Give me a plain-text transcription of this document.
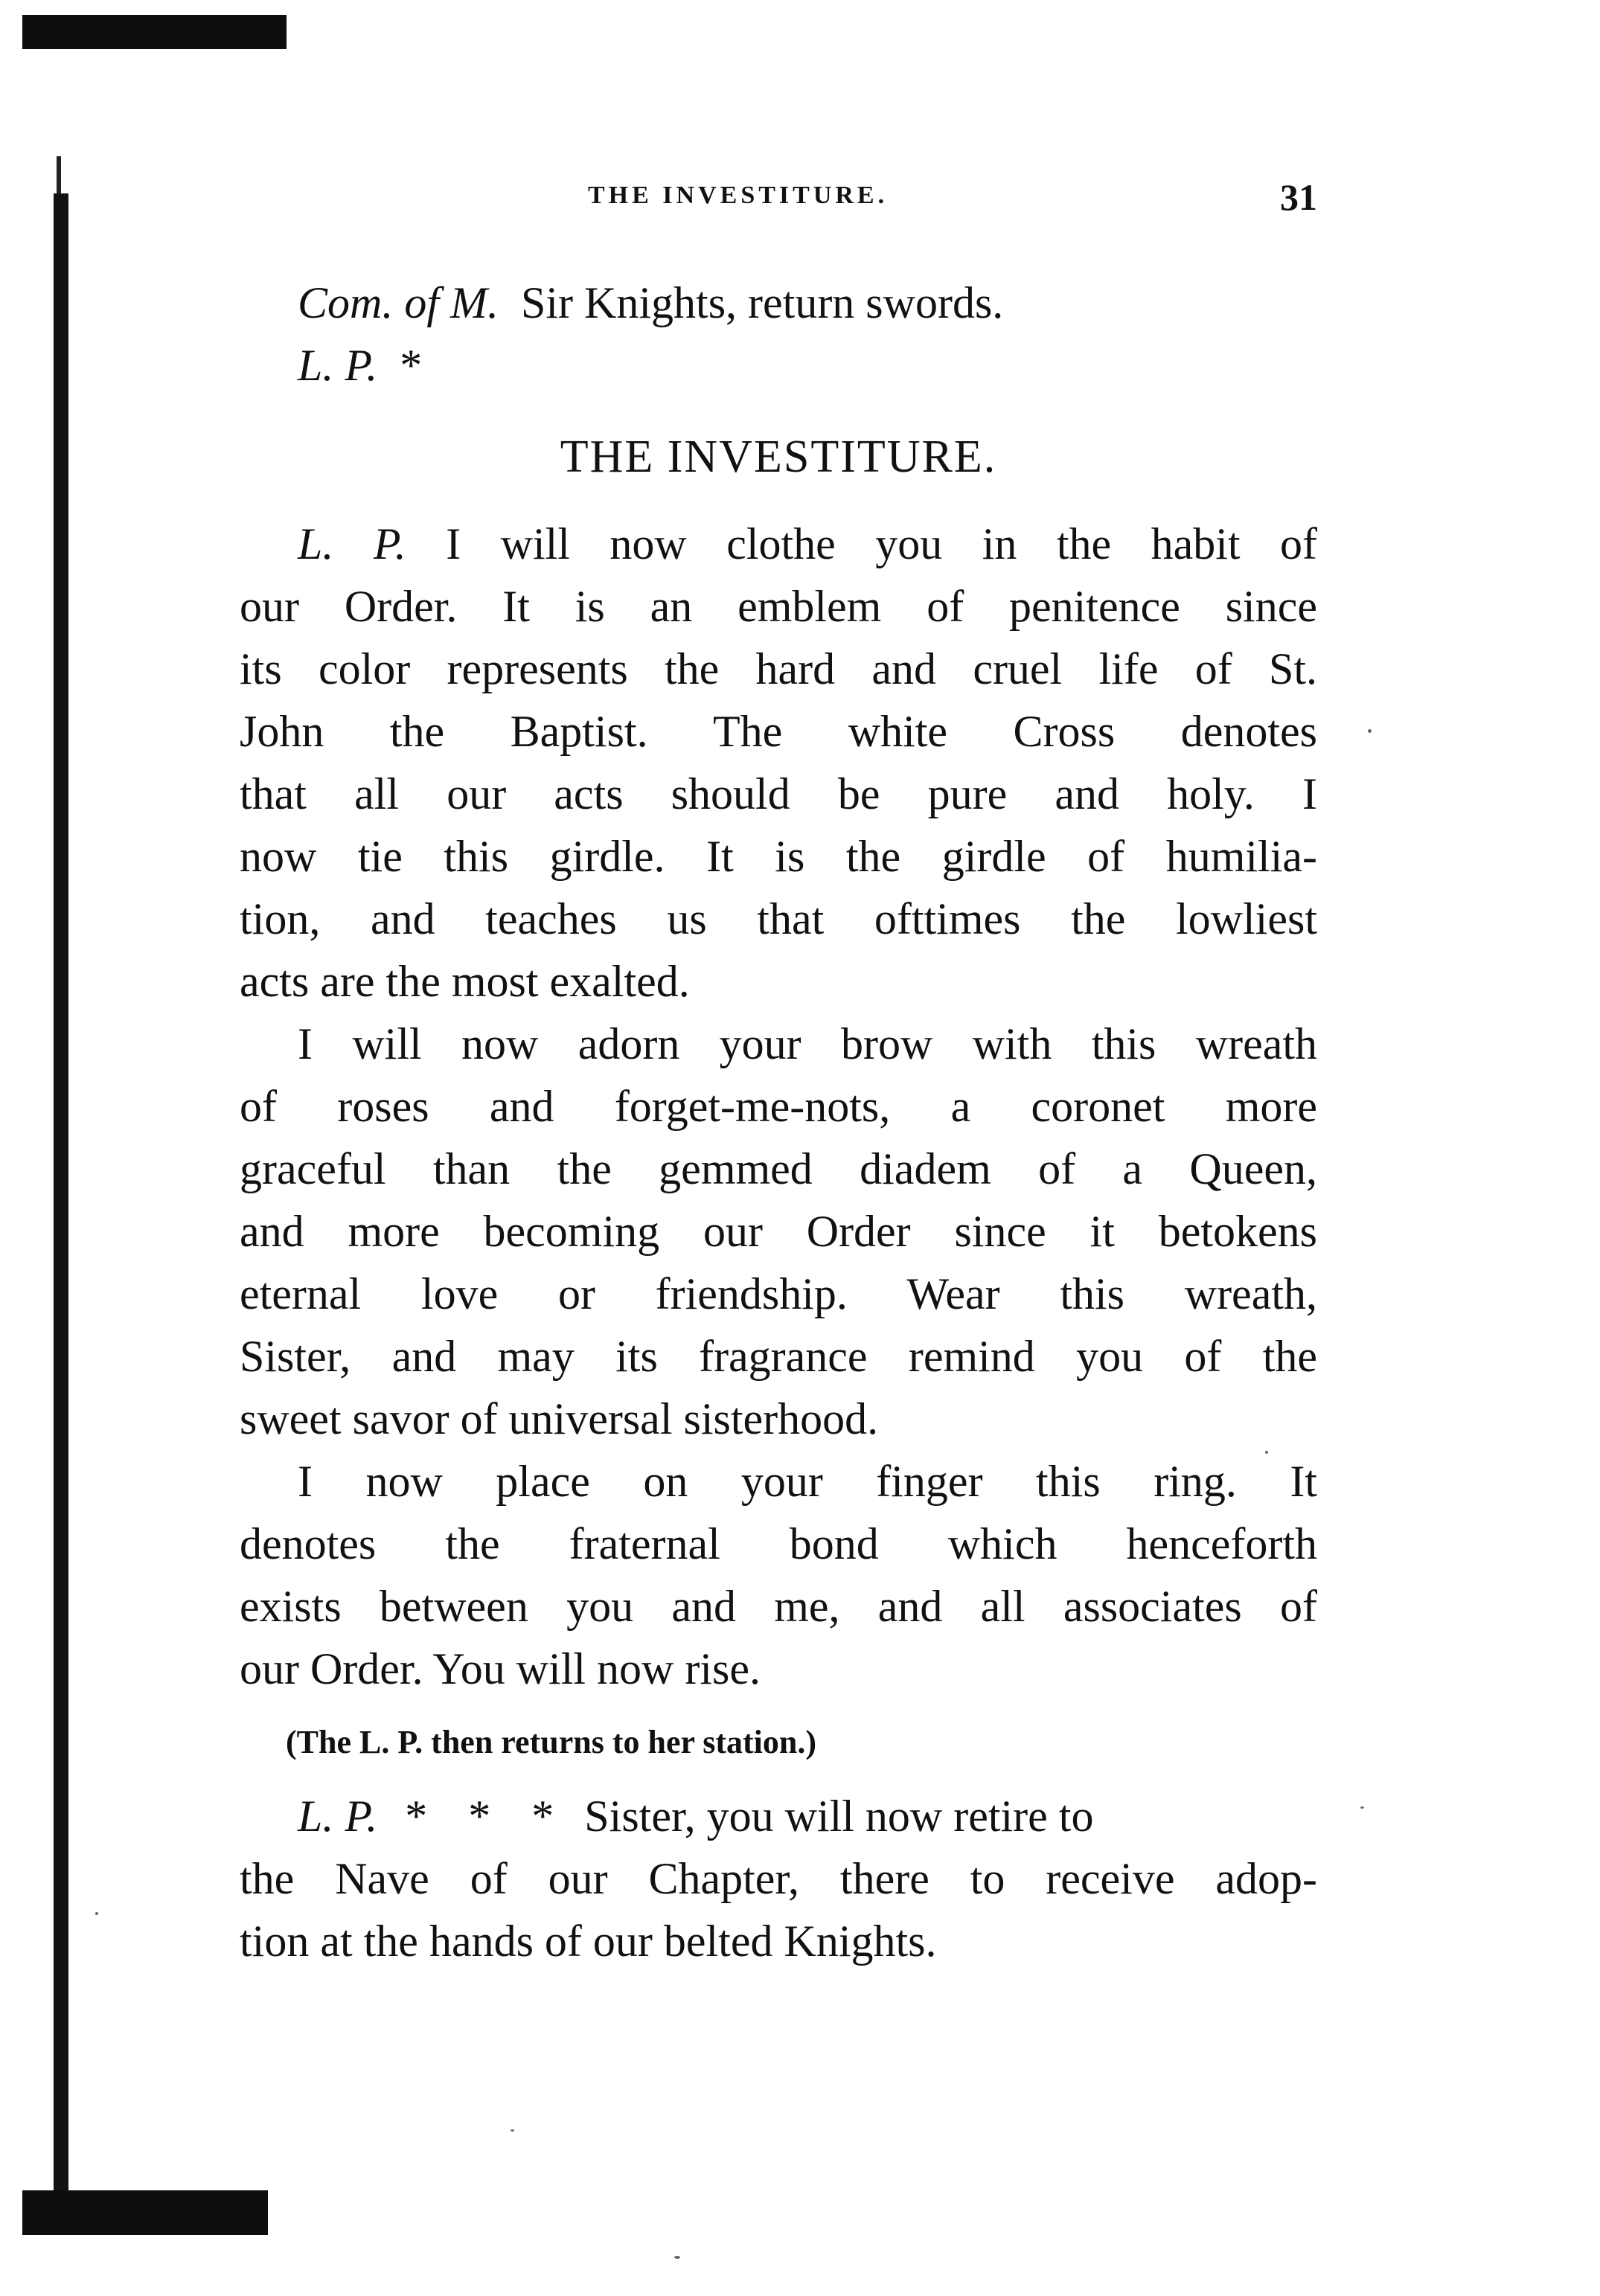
THE INVESTITURE.	31
Com. of M. Sir Knights, return swords.
L. P. *
THE INVESTITURE.
L. P. I will now clothe you in the habit of
our Order. It is an emblem of penitence since
its color represents the hard and cruel life of St.
John the Baptist. The white Cross denotes
that all our acts should be pure and holy. I
now tie this girdle. It is the girdle of humilia-
tion, and teaches us that ofttimes the lowliest
acts are the most exalted.
I will now adorn your brow with this wreath
of roses and forget-me-nots, a coronet more
graceful than the gemmed diadem of a Queen,
and more becoming our Order since it betokens
eternal love or friendship. Wear this wreath,
Sister, and may its fragrance remind you of the
sweet savor of universal sisterhood.
I now place on your finger this ring. It
denotes the fraternal bond which henceforth
exists between you and me, and all associates of
our Order. You will now rise.
(The L. P. then returns to her station.)
L. P. * * * Sister, you will now retire to
the Nave of our Chapter, there to receive adop-
tion at the hands of our belted Knights.
